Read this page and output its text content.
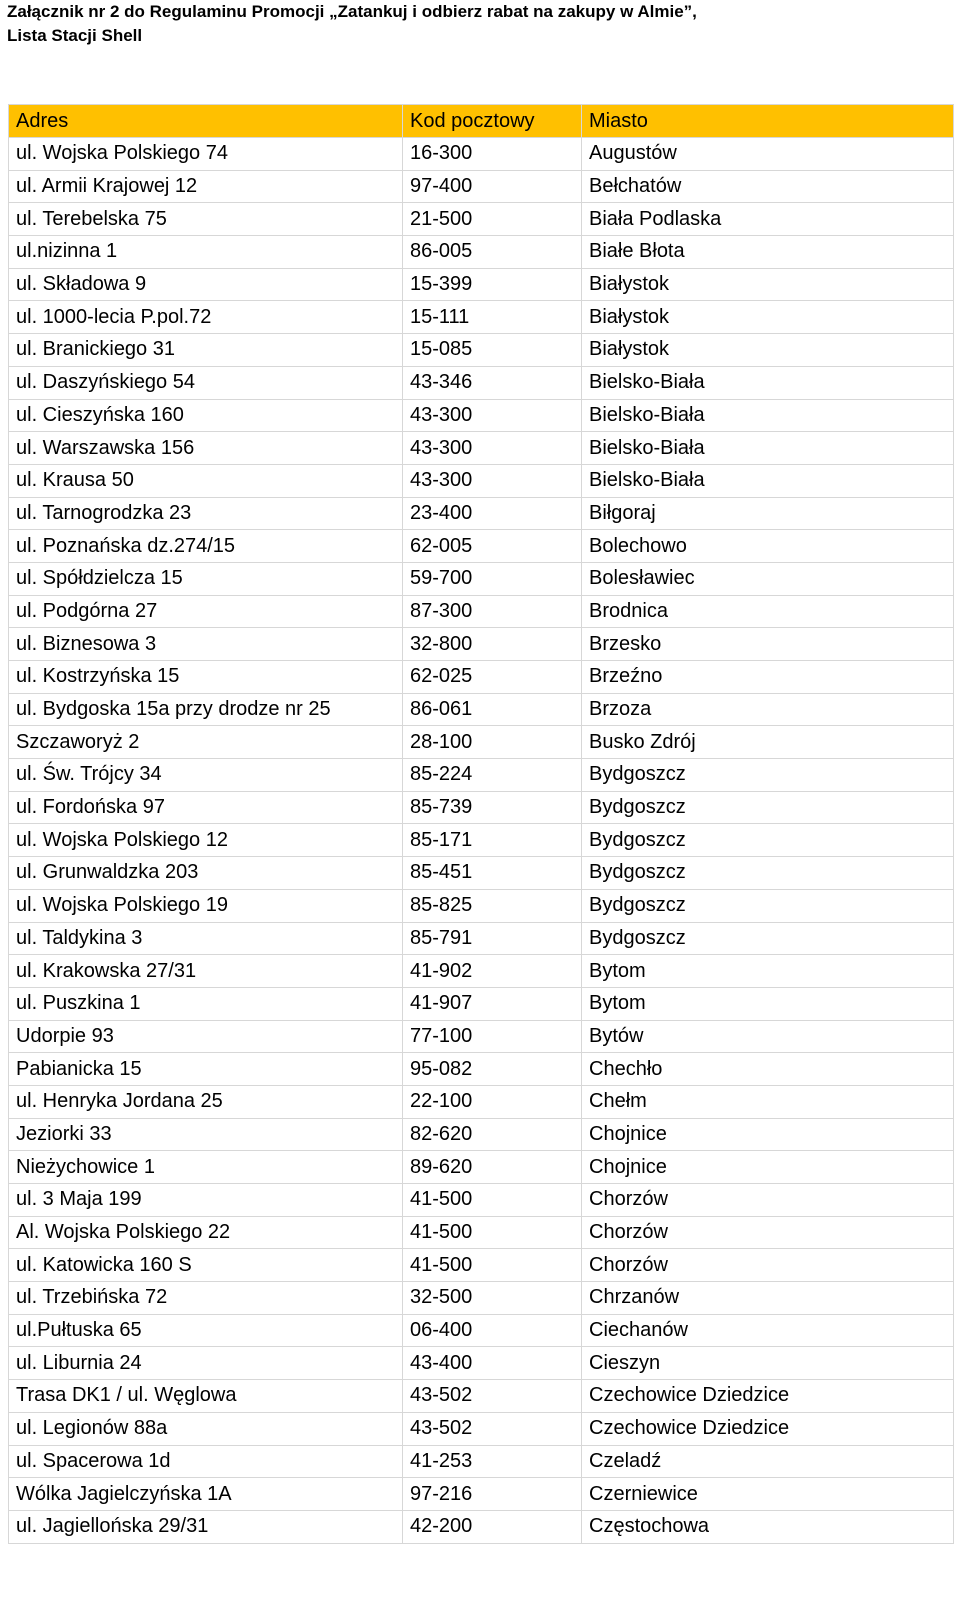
Załącznik nr 2 do Regulaminu Promocji „Zatankuj i odbierz rabat na zakupy w Almie”,
Lista Stacji Shell
Adres	Kod pocztowy	Miasto
ul. Wojska Polskiego 74	16-300	Augustów
ul. Armii Krajowej 12	97-400	Bełchatów
ul. Terebelska 75	21-500	Biała Podlaska
ul.nizinna 1	86-005	Białe Błota
ul. Składowa 9	15-399	Białystok
ul. 1000-lecia P.pol.72	15-111	Białystok
ul. Branickiego 31	15-085	Białystok
ul. Daszyńskiego 54	43-346	Bielsko-Biała
ul. Cieszyńska 160	43-300	Bielsko-Biała
ul. Warszawska 156	43-300	Bielsko-Biała
ul. Krausa 50	43-300	Bielsko-Biała
ul. Tarnogrodzka 23	23-400	Biłgoraj
ul. Poznańska dz.274/15	62-005	Bolechowo
ul. Spółdzielcza 15	59-700	Bolesławiec
ul. Podgórna 27	87-300	Brodnica
ul. Biznesowa 3	32-800	Brzesko
ul. Kostrzyńska 15	62-025	Brzeźno
ul. Bydgoska 15a przy drodze nr 25	86-061	Brzoza
Szczaworyż 2	28-100	Busko Zdrój
ul. Św. Trójcy 34	85-224	Bydgoszcz
ul. Fordońska 97	85-739	Bydgoszcz
ul. Wojska Polskiego 12	85-171	Bydgoszcz
ul. Grunwaldzka 203	85-451	Bydgoszcz
ul. Wojska Polskiego 19	85-825	Bydgoszcz
ul. Taldykina 3	85-791	Bydgoszcz
ul. Krakowska 27/31	41-902	Bytom
ul. Puszkina 1	41-907	Bytom
Udorpie 93	77-100	Bytów
Pabianicka 15	95-082	Chechło
ul. Henryka Jordana 25	22-100	Chełm
Jeziorki 33	82-620	Chojnice
Nieżychowice 1	89-620	Chojnice
ul. 3 Maja 199	41-500	Chorzów
Al. Wojska Polskiego 22	41-500	Chorzów
ul. Katowicka 160 S	41-500	Chorzów
ul. Trzebińska 72	32-500	Chrzanów
ul.Pułtuska 65	06-400	Ciechanów
ul. Liburnia 24	43-400	Cieszyn
Trasa DK1 / ul. Węglowa	43-502	Czechowice Dziedzice
ul. Legionów 88a	43-502	Czechowice Dziedzice
ul. Spacerowa 1d	41-253	Czeladź
Wólka Jagielczyńska 1A	97-216	Czerniewice
ul. Jagiellońska 29/31	42-200	Częstochowa
